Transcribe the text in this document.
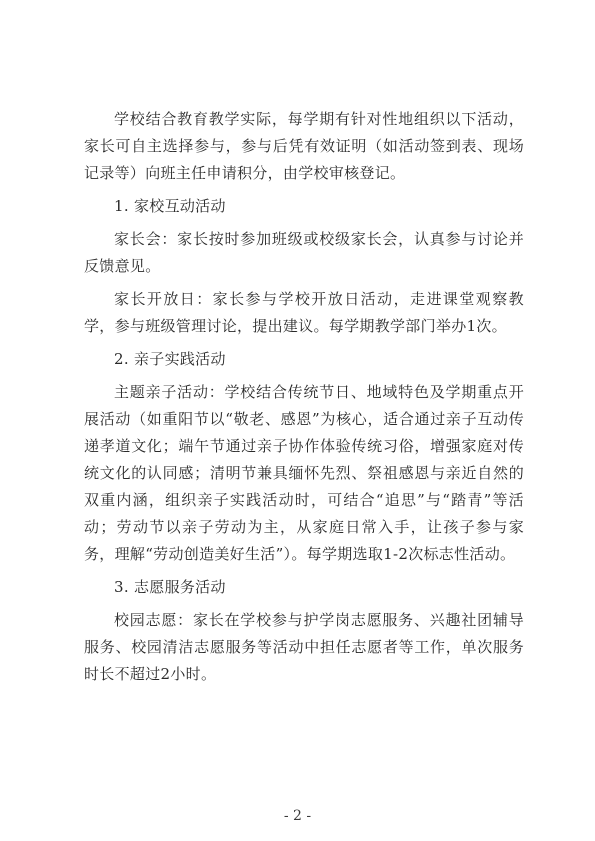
学校结合教育教学实际，每学期有针对性地组织以下活动，家长可自主选择参与，参与后凭有效证明（如活动签到表、现场记录等）向班主任申请积分，由学校审核登记。

1. 家校互动活动

家长会：家长按时参加班级或校级家长会，认真参与讨论并反馈意见。

家长开放日：家长参与学校开放日活动，走进课堂观察教学，参与班级管理讨论，提出建议。每学期教学部门举办1次。

2. 亲子实践活动

主题亲子活动：学校结合传统节日、地域特色及学期重点开展活动（如重阳节以“敬老、感恩”为核心，适合通过亲子互动传递孝道文化；端午节通过亲子协作体验传统习俗，增强家庭对传统文化的认同感；清明节兼具缅怀先烈、祭祖感恩与亲近自然的双重内涵，组织亲子实践活动时，可结合“追思”与“踏青”等活动；劳动节以亲子劳动为主，从家庭日常入手，让孩子参与家务，理解“劳动创造美好生活”）。每学期选取1-2次标志性活动。

3. 志愿服务活动

校园志愿：家长在学校参与护学岗志愿服务、兴趣社团辅导服务、校园清洁志愿服务等活动中担任志愿者等工作，单次服务时长不超过2小时。

- 2 -
